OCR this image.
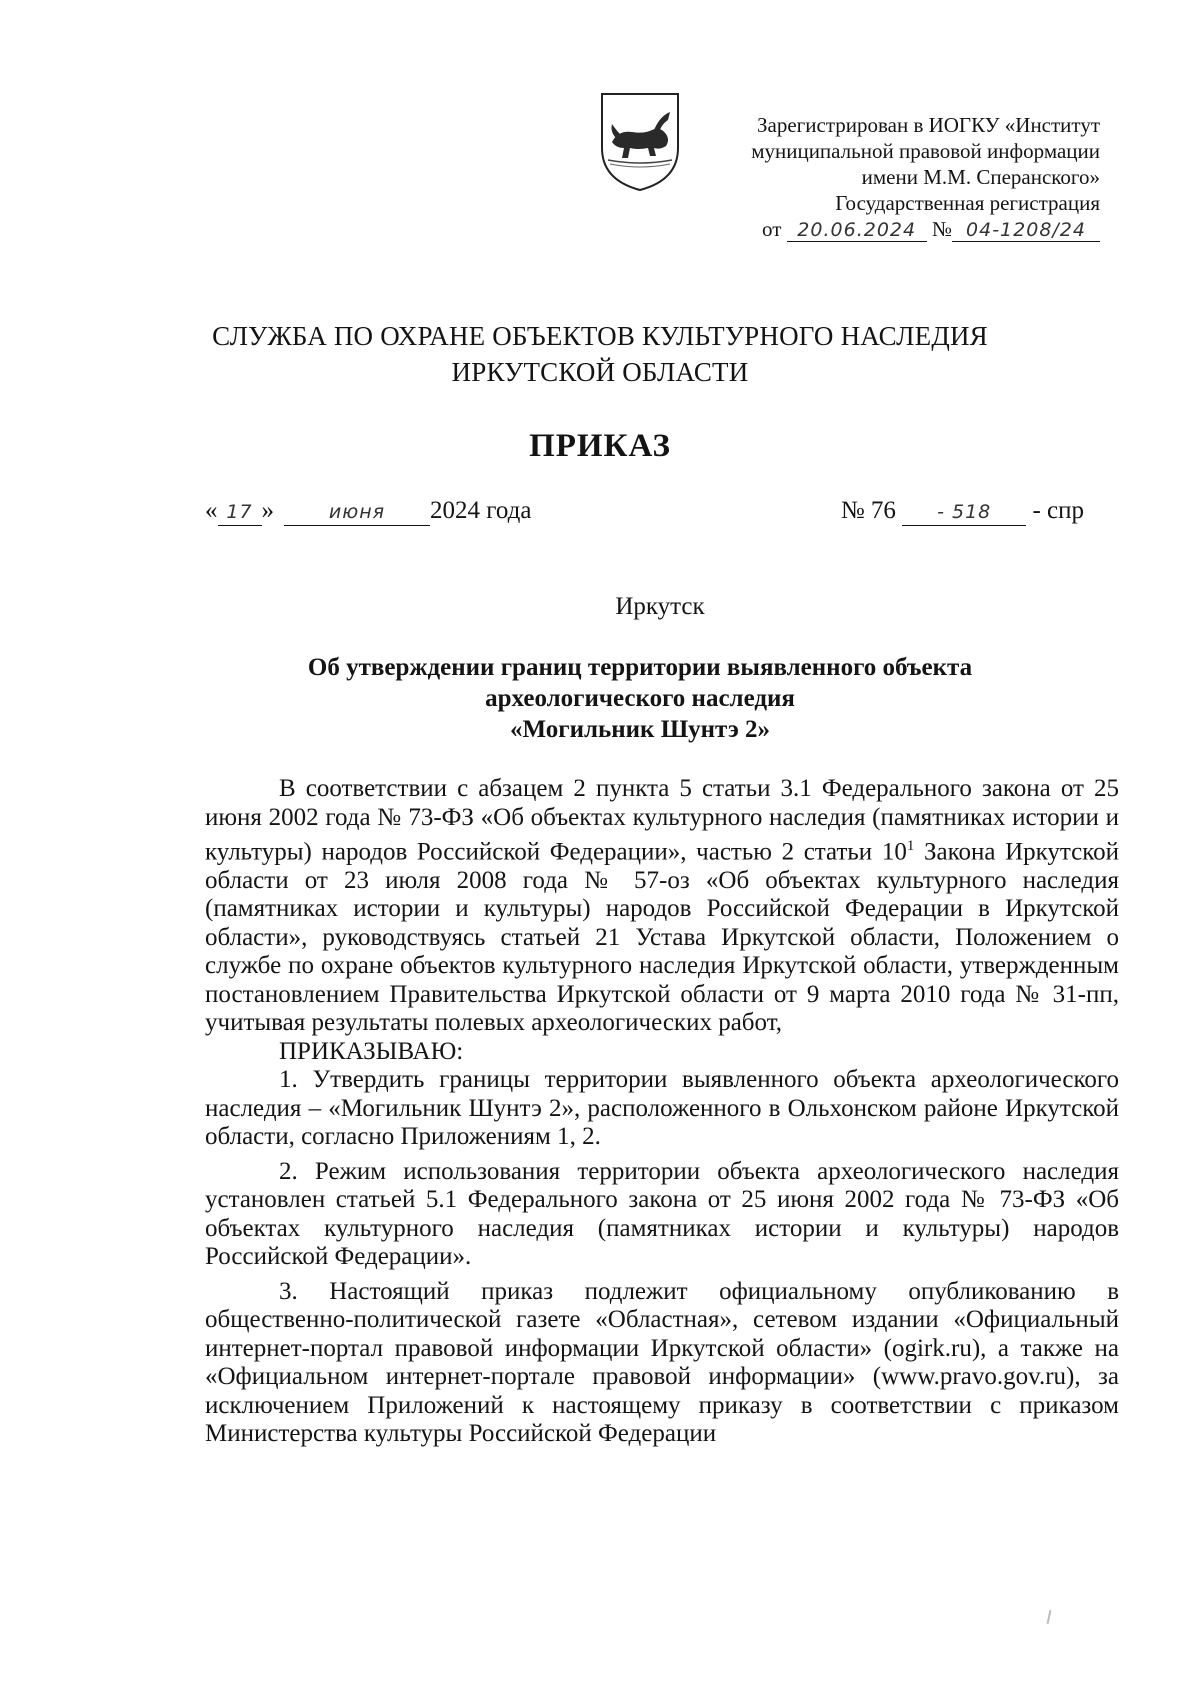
Зарегистрирован в ИОГКУ «Институт
муниципальной правовой информации
имени М.М. Сперанского»
Государственная регистрация
от 20.06.2024 № 04-1208/24
СЛУЖБА ПО ОХРАНЕ ОБЪЕКТОВ КУЛЬТУРНОГО НАСЛЕДИЯ
ИРКУТСКОЙ ОБЛАСТИ
ПРИКАЗ
« 17 »	июня 2024 года	№ 76 - 518 - спр
Иркутск
Об утверждении границ территории выявленного объекта
археологического наследия
«Могильник Шунтэ 2»

В соответствии с абзацем 2 пункта 5 статьи 3.1 Федерального закона от 25 июня 2002 года № 73-ФЗ «Об объектах культурного наследия (памятниках истории и культуры) народов Российской Федерации», частью 2 статьи $10^1$ Закона Иркутской области от 23 июля 2008 года № 57-оз «Об объектах культурного наследия (памятниках истории и культуры) народов Российской Федерации в Иркутской области», руководствуясь статьей 21 Устава Иркутской области, Положением о службе по охране объектов культурного наследия Иркутской области, утвержденным постановлением Правительства Иркутской области от 9 марта 2010 года № 31-пп, учитывая результаты полевых археологических работ,

ПРИКАЗЫВАЮ:

1. Утвердить границы территории выявленного объекта археологического наследия – «Могильник Шунтэ 2», расположенного в Ольхонском районе Иркутской области, согласно Приложениям 1, 2.

2. Режим использования территории объекта археологического наследия установлен статьей 5.1 Федерального закона от 25 июня 2002 года № 73-ФЗ «Об объектах культурного наследия (памятниках истории и культуры) народов Российской Федерации».

3. Настоящий приказ подлежит официальному опубликованию в общественно-политической газете «Областная», сетевом издании «Официальный интернет-портал правовой информации Иркутской области» (ogirk.ru), а также на «Официальном интернет-портале правовой информации» (www.pravo.gov.ru), за исключением Приложений к настоящему приказу в соответствии с приказом Министерства культуры Российской Федерации
